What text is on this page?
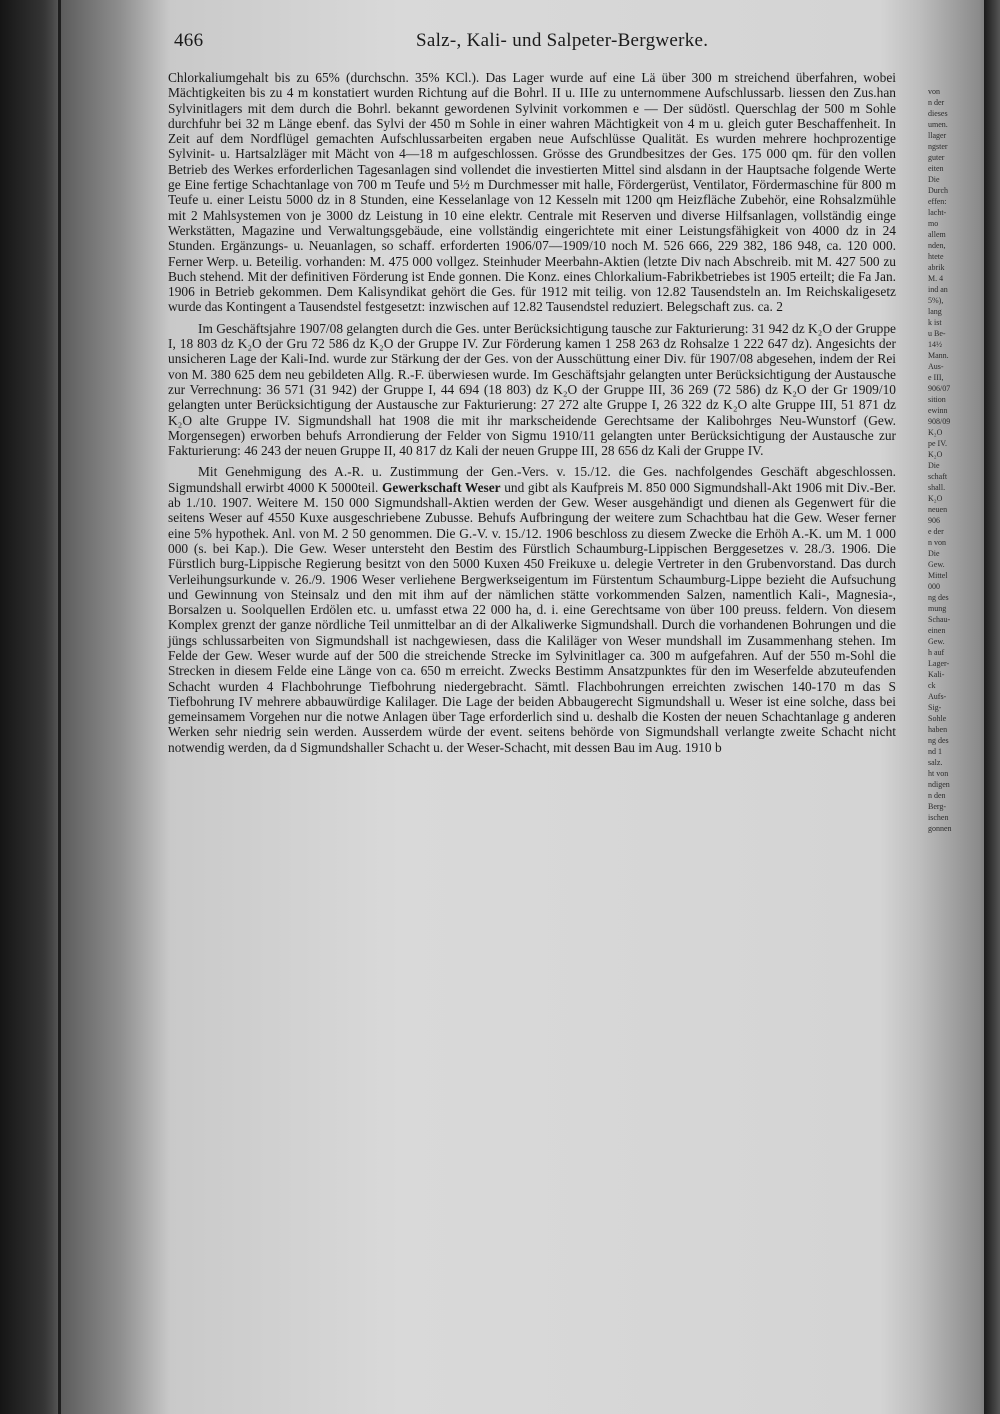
466	Salz-, Kali- und Salpeter-Bergwerke.

Chlorkaliumgehalt bis zu 65% (durchschn. 35% KCl.). Das Lager wurde auf eine Lä über 300 m streichend überfahren, wobei Mächtigkeiten bis zu 4 m konstatiert wurden Richtung auf die Bohrl. II u. IIIe zu unternommene Aufschlussarb. liessen den Zus.han Sylvinitlagers mit dem durch die Bohrl. bekannt gewordenen Sylvinit vorkommen e — Der südöstl. Querschlag der 500 m Sohle durchfuhr bei 32 m Länge ebenf. das Sylvi der 450 m Sohle in einer wahren Mächtigkeit von 4 m u. gleich guter Beschaffenheit. In Zeit auf dem Nordflügel gemachten Aufschlussarbeiten ergaben neue Aufschlüsse Qualität. Es wurden mehrere hochprozentige Sylvinit- u. Hartsalzläger mit Mächt von 4—18 m aufgeschlossen. Grösse des Grundbesitzes der Ges. 175 000 qm. für den vollen Betrieb des Werkes erforderlichen Tagesanlagen sind vollendet die investierten Mittel sind alsdann in der Hauptsache folgende Werte ge Eine fertige Schachtanlage von 700 m Teufe und 5½ m Durchmesser mit halle, Fördergerüst, Ventilator, Fördermaschine für 800 m Teufe u. einer Leistu 5000 dz in 8 Stunden, eine Kesselanlage von 12 Kesseln mit 1200 qm Heizfläche Zubehör, eine Rohsalzmühle mit 2 Mahlsystemen von je 3000 dz Leistung in 10 eine elektr. Centrale mit Reserven und diverse Hilfsanlagen, vollständig einge Werkstätten, Magazine und Verwaltungsgebäude, eine vollständig eingerichtete mit einer Leistungsfähigkeit von 4000 dz in 24 Stunden. Ergänzungs- u. Neuanlagen, so schaff. erforderten 1906/07—1909/10 noch M. 526 666, 229 382, 186 948, ca. 120 000. Ferner Werp. u. Beteilig. vorhanden: M. 475 000 vollgez. Steinhuder Meerbahn-Aktien (letzte Div nach Abschreib. mit M. 427 500 zu Buch stehend. Mit der definitiven Förderung ist Ende gonnen. Die Konz. eines Chlorkalium-Fabrikbetriebes ist 1905 erteilt; die Fa Jan. 1906 in Betrieb gekommen. Dem Kalisyndikat gehört die Ges. für 1912 mit teilig. von 12.82 Tausendsteln an. Im Reichskaligesetz wurde das Kontingent a Tausendstel festgesetzt: inzwischen auf 12.82 Tausendstel reduziert. Belegschaft zus. ca. 2

Im Geschäftsjahre 1907/08 gelangten durch die Ges. unter Berücksichtigung tausche zur Fakturierung: 31 942 dz K₂O der Gruppe I, 18 803 dz K₂O der Gru 72 586 dz K₂O der Gruppe IV. Zur Förderung kamen 1 258 263 dz Rohsalze 1 222 647 dz). Angesichts der unsicheren Lage der Kali-Ind. wurde zur Stärkung der der Ges. von der Ausschüttung einer Div. für 1907/08 abgesehen, indem der Rei von M. 380 625 dem neu gebildeten Allg. R.-F. überwiesen wurde. Im Geschäftsjahr gelangten unter Berücksichtigung der Austausche zur Verrechnung: 36 571 (31 942) der Gruppe I, 44 694 (18 803) dz K₂O der Gruppe III, 36 269 (72 586) dz K₂O der Gr 1909/10 gelangten unter Berücksichtigung der Austausche zur Fakturierung: 27 272 alte Gruppe I, 26 322 dz K₂O alte Gruppe III, 51 871 dz K₂O alte Gruppe IV. Sigmundshall hat 1908 die mit ihr markscheidende Gerechtsame der Kalibohrges Neu-Wunstorf (Gew. Morgensegen) erworben behufs Arrondierung der Felder von Sigmu 1910/11 gelangten unter Berücksichtigung der Austausche zur Fakturierung: 46 243 der neuen Gruppe II, 40 817 dz Kali der neuen Gruppe III, 28 656 dz Kali der Gruppe IV.

Mit Genehmigung des A.-R. u. Zustimmung der Gen.-Vers. v. 15./12. die Ges. nachfolgendes Geschäft abgeschlossen. Sigmundshall erwirbt 4000 K 5000teil. Gewerkschaft Weser und gibt als Kaufpreis M. 850 000 Sigmundshall-Akt 1906 mit Div.-Ber. ab 1./10. 1907. Weitere M. 150 000 Sigmundshall-Aktien werden der Gew. Weser ausgehändigt und dienen als Gegenwert für die seitens Weser auf 4550 Kuxe ausgeschriebene Zubusse. Behufs Aufbringung der weitere zum Schachtbau hat die Gew. Weser ferner eine 5% hypothek. Anl. von M. 2 50 genommen. Die G.-V. v. 15./12. 1906 beschloss zu diesem Zwecke die Erhöh A.-K. um M. 1 000 000 (s. bei Kap.). Die Gew. Weser untersteht den Bestim des Fürstlich Schaumburg-Lippischen Berggesetzes v. 28./3. 1906. Die Fürstlich burg-Lippische Regierung besitzt von den 5000 Kuxen 450 Freikuxe u. delegie Vertreter in den Grubenvorstand. Das durch Verleihungsurkunde v. 26./9. 1906 Weser verliehene Bergwerkseigentum im Fürstentum Schaumburg-Lippe bezieht die Aufsuchung und Gewinnung von Steinsalz und den mit ihm auf der nämlichen stätte vorkommenden Salzen, namentlich Kali-, Magnesia-, Borsalzen u. Soolquellen Erdölen etc. u. umfasst etwa 22 000 ha, d. i. eine Gerechtsame von über 100 preuss. feldern. Von diesem Komplex grenzt der ganze nördliche Teil unmittelbar an di der Alkaliwerke Sigmundshall. Durch die vorhandenen Bohrungen und die jüngs schlussarbeiten von Sigmundshall ist nachgewiesen, dass die Kaliläger von Weser mundshall im Zusammenhang stehen. Im Felde der Gew. Weser wurde auf der 500 die streichende Strecke im Sylvinitlager ca. 300 m aufgefahren. Auf der 550 m-Sohl die Strecken in diesem Felde eine Länge von ca. 650 m erreicht. Zwecks Bestimm Ansatzpunktes für den im Weserfelde abzuteufenden Schacht wurden 4 Flachbohrunge Tiefbohrung niedergebracht. Sämtl. Flachbohrungen erreichten zwischen 140-170 m das S Tiefbohrung IV mehrere abbauwürdige Kalilager. Die Lage der beiden Abbaugerecht Sigmundshall u. Weser ist eine solche, dass bei gemeinsamem Vorgehen nur die notwe Anlagen über Tage erforderlich sind u. deshalb die Kosten der neuen Schachtanlage g anderen Werken sehr niedrig sein werden. Ausserdem würde der event. seitens behörde von Sigmundshall verlangte zweite Schacht nicht notwendig werden, da d Sigmundshaller Schacht u. der Weser-Schacht, mit dessen Bau im Aug. 1910 b

von
n der
dieses
umen.
llager
ngster
guter
eiten
Die
Durch
effen:
lacht-
mo
allem
nden,
htete
abrik
M. 4
ind an
5%),
lang
k ist
u Be-
14½
Mann.
Aus-
e III,
906/07
sition
ewinn
908/09
K₂O
pe IV.
K₂O
Die
schaft
shall.
K₂O
neuen
906
e der
n von
Die
Gew.
Mittel
000
ng des
mung
Schau-
einen
Gew.
h auf
Lager-
Kali-
ck
Aufs-
Sig-
Sohle
haben
ng des
nd 1
salz.
ht von
ndigen
n den
Berg-
ischen
gonnen
